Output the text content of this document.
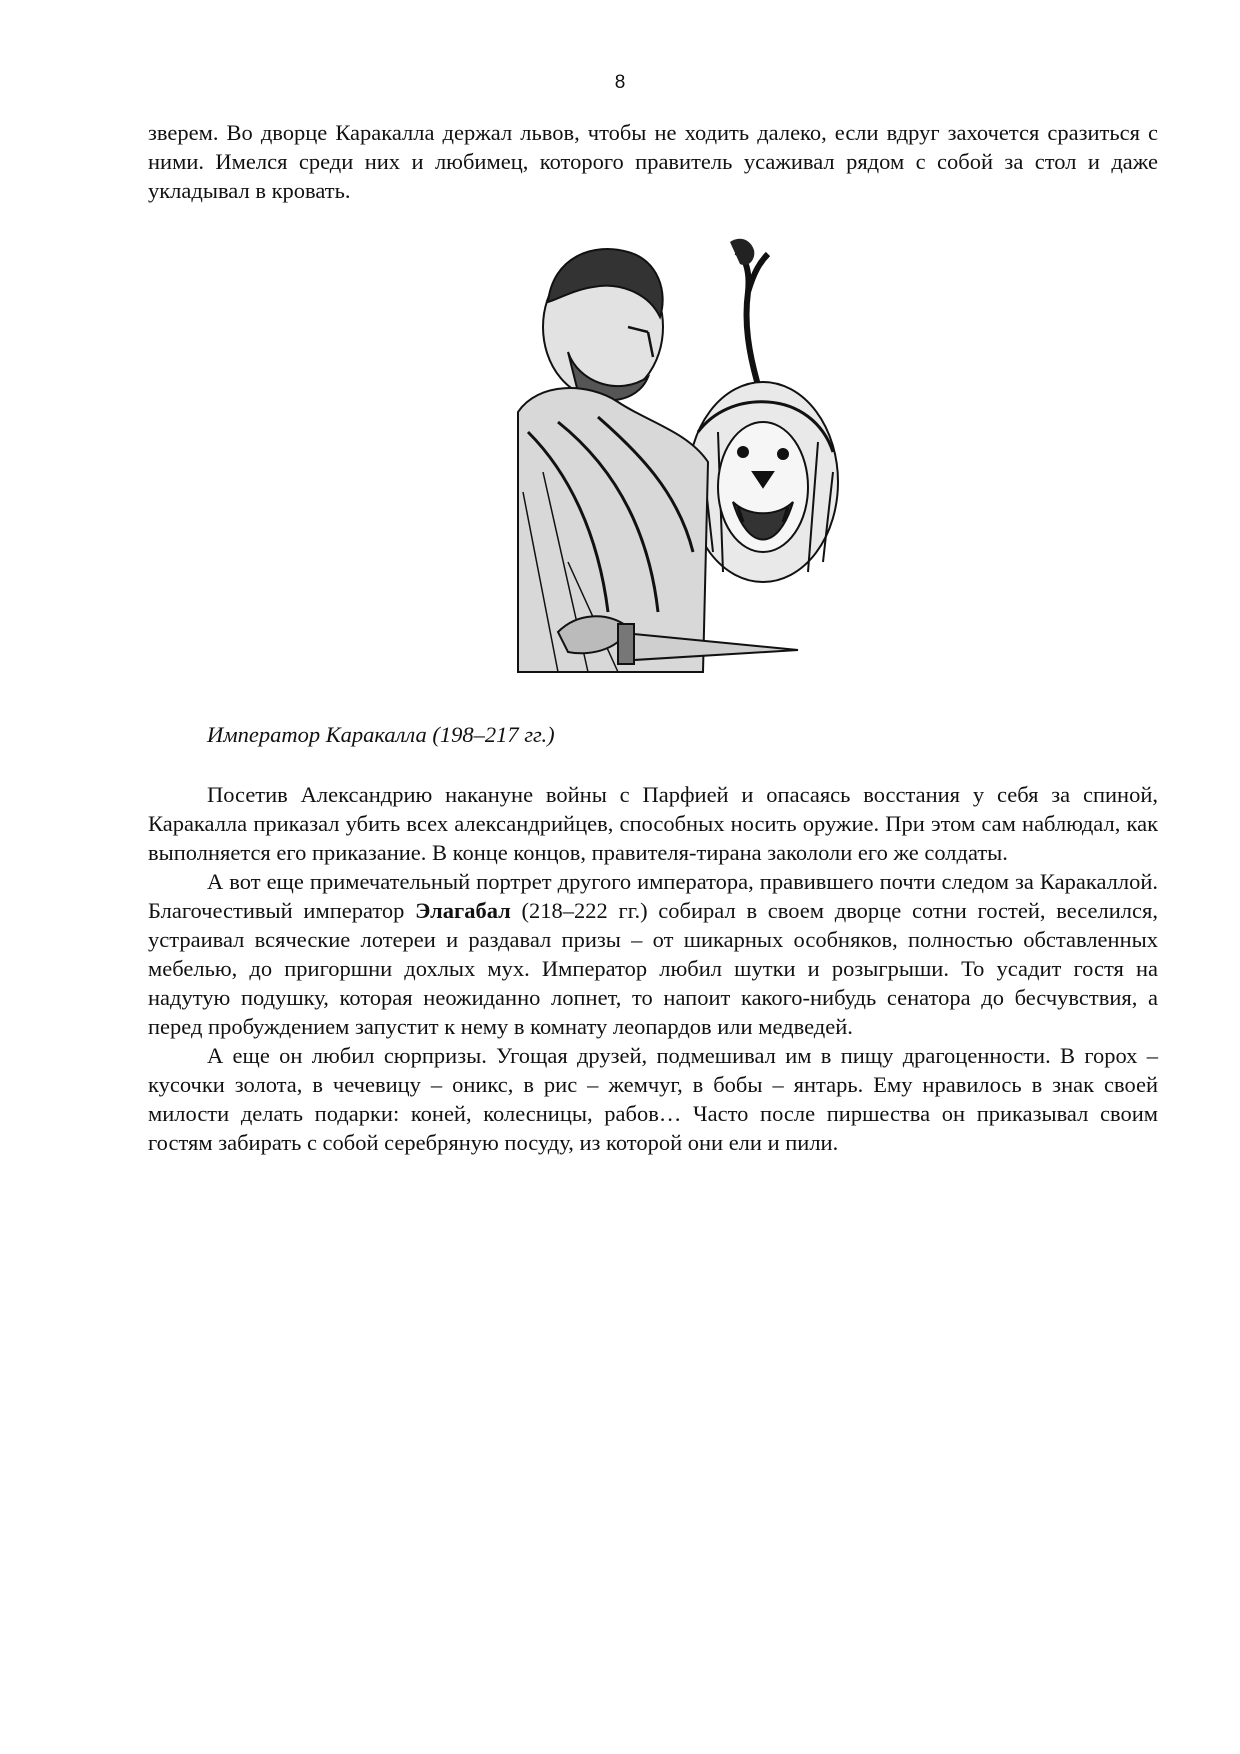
8

зверем. Во дворце Каракалла держал львов, чтобы не ходить далеко, если вдруг захочется сразиться с ними. Имелся среди них и любимец, которого правитель усаживал рядом с собой за стол и даже укладывал в кровать.

Император Каракалла (198–217 гг.)

Посетив Александрию накануне войны с Парфией и опасаясь восстания у себя за спиной, Каракалла приказал убить всех александрийцев, способных носить оружие. При этом сам наблюдал, как выполняется его приказание. В конце концов, правителя-тирана закололи его же солдаты.

А вот еще примечательный портрет другого императора, правившего почти следом за Каракаллой. Благочестивый император Элагабал (218–222 гг.) собирал в своем дворце сотни гостей, веселился, устраивал всяческие лотереи и раздавал призы – от шикарных особняков, полностью обставленных мебелью, до пригоршни дохлых мух. Император любил шутки и розыгрыши. То усадит гостя на надутую подушку, которая неожиданно лопнет, то напоит какого-нибудь сенатора до бесчувствия, а перед пробуждением запустит к нему в комнату леопардов или медведей.

А еще он любил сюрпризы. Угощая друзей, подмешивал им в пищу драгоценности. В горох – кусочки золота, в чечевицу – оникс, в рис – жемчуг, в бобы – янтарь. Ему нравилось в знак своей милости делать подарки: коней, колесницы, рабов… Часто после пиршества он приказывал своим гостям забирать с собой серебряную посуду, из которой они ели и пили.
